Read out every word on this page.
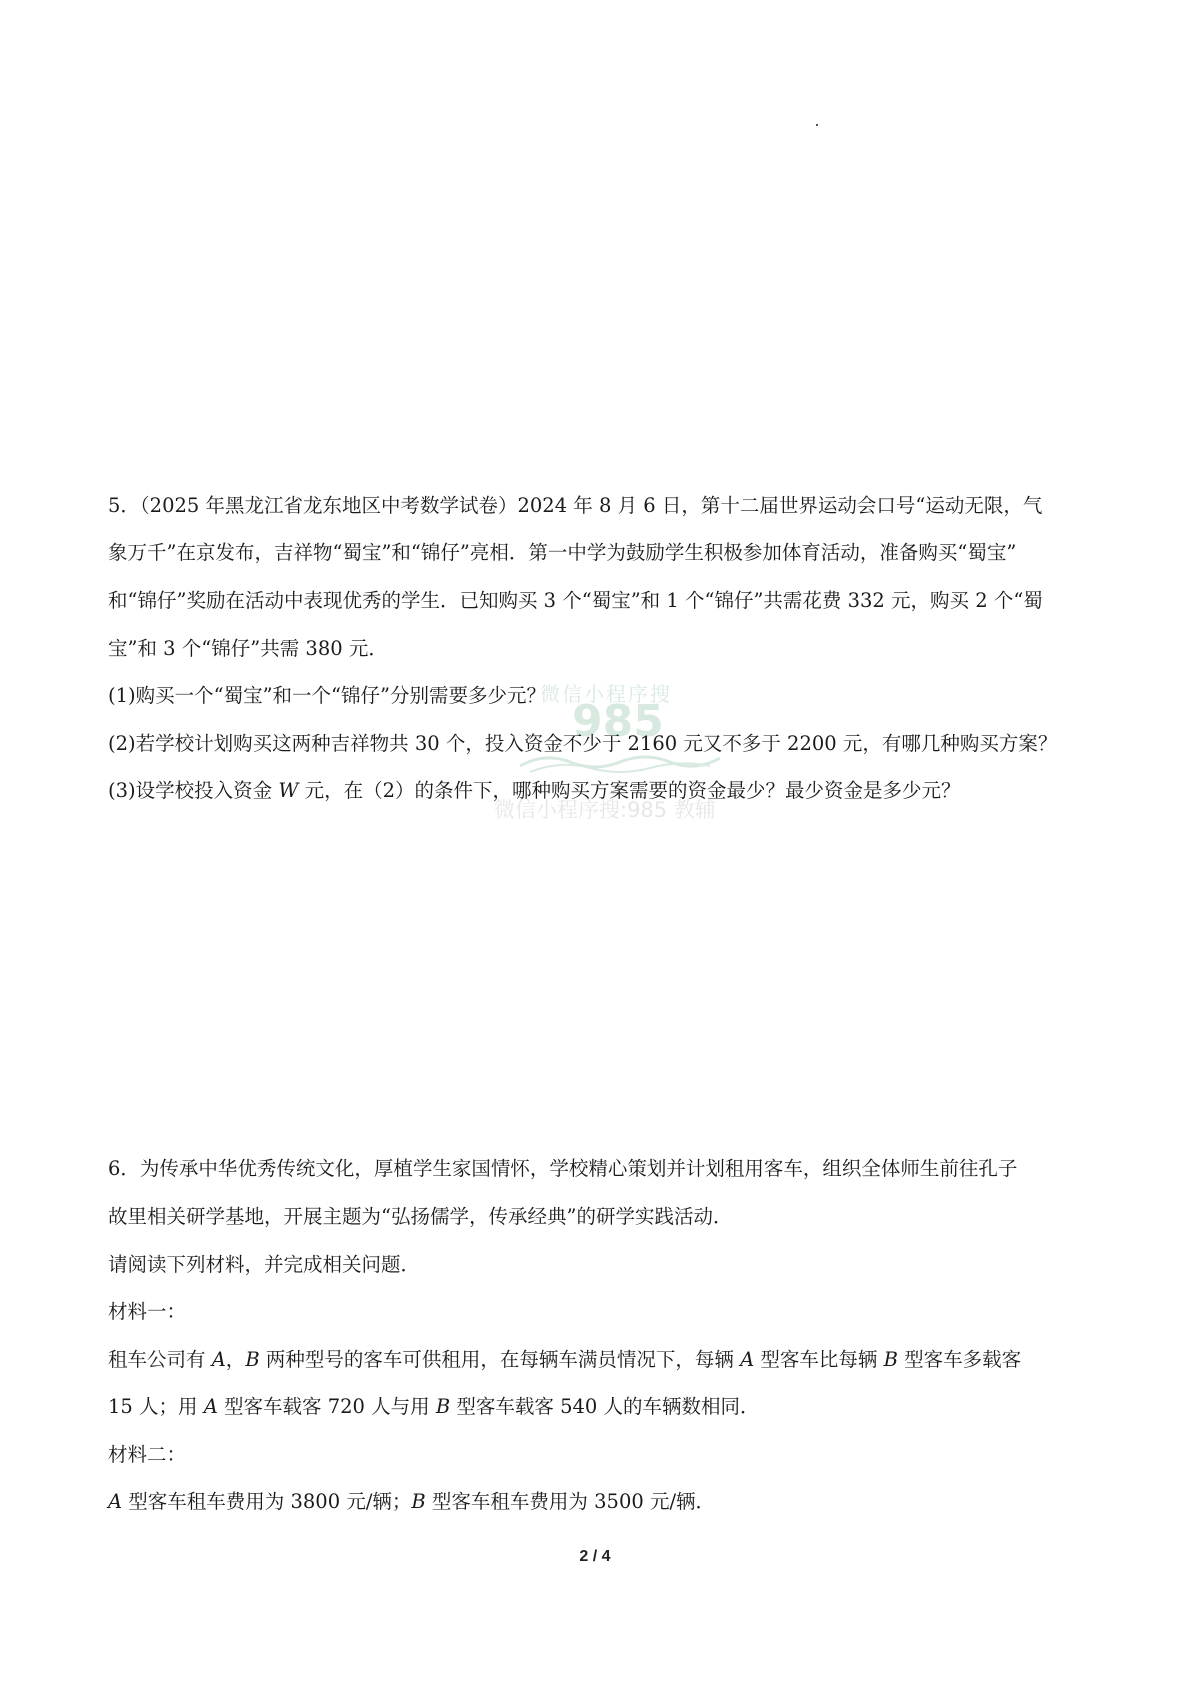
5．（2025 年黑龙江省龙东地区中考数学试卷）2024 年 8 月 6 日，第十二届世界运动会口号“运动无限，气
象万千”在京发布，吉祥物“蜀宝”和“锦仔”亮相．第一中学为鼓励学生积极参加体育活动，准备购买“蜀宝”
和“锦仔”奖励在活动中表现优秀的学生．已知购买 3 个“蜀宝”和 1 个“锦仔”共需花费 332 元，购买 2 个“蜀
宝”和 3 个“锦仔”共需 380 元．
(1)购买一个“蜀宝”和一个“锦仔”分别需要多少元？
(2)若学校计划购买这两种吉祥物共 30 个，投入资金不少于 2160 元又不多于 2200 元，有哪几种购买方案？
(3)设学校投入资金 W 元，在（2）的条件下，哪种购买方案需要的资金最少？最少资金是多少元？
微信小程序搜
985
微信小程序搜:985 教辅
6．为传承中华优秀传统文化，厚植学生家国情怀，学校精心策划并计划租用客车，组织全体师生前往孔子
故里相关研学基地，开展主题为“弘扬儒学，传承经典”的研学实践活动．
请阅读下列材料，并完成相关问题．
材料一：
租车公司有 A，B 两种型号的客车可供租用，在每辆车满员情况下，每辆 A 型客车比每辆 B 型客车多载客
15 人；用 A 型客车载客 720 人与用 B 型客车载客 540 人的车辆数相同．
材料二：
A 型客车租车费用为 3800 元/辆；B 型客车租车费用为 3500 元/辆．
2 / 4
